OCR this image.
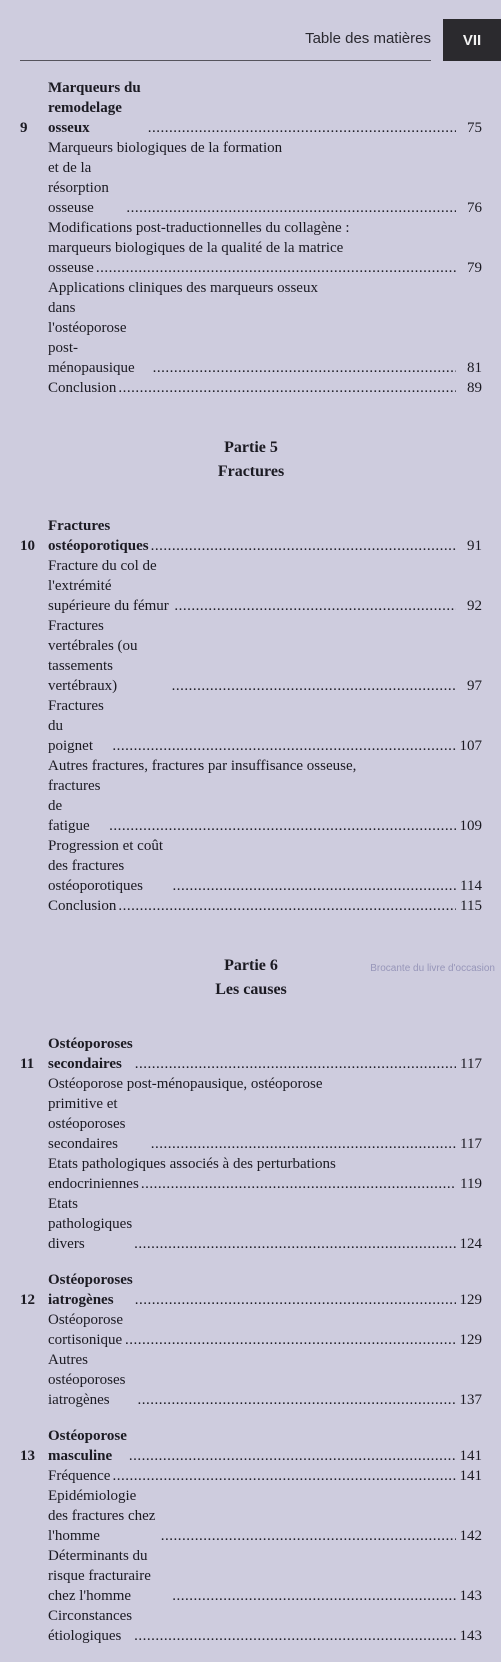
Table des matières	VII
9
Marqueurs du remodelage osseux .....	75
Marqueurs biologiques de la formation
et de la résorption osseuse .....	76
Modifications post-traductionnelles du collagène :
marqueurs biologiques de la qualité de la matrice
osseuse .....	79
Applications cliniques des marqueurs osseux
dans l'ostéoporose post-ménopausique .....	81
Conclusion .....	89
Partie 5
Fractures
10
Fractures ostéoporotiques .....	91
Fracture du col de l'extrémité supérieure du fémur .....	92
Fractures vertébrales (ou tassements vertébraux) .....	97
Fractures du poignet .....	107
Autres fractures, fractures par insuffisance osseuse,
fractures de fatigue .....	109
Progression et coût des fractures ostéoporotiques .....	114
Conclusion .....	115
Partie 6
Les causes
11
Ostéoporoses secondaires .....	117
Ostéoporose post-ménopausique, ostéoporose
primitive et ostéoporoses secondaires .....	117
Etats pathologiques associés à des perturbations
endocriniennes .....	119
Etats pathologiques divers .....	124
12
Ostéoporoses iatrogènes .....	129
Ostéoporose cortisonique .....	129
Autres ostéoporoses iatrogènes .....	137
13
Ostéoporose masculine .....	141
Fréquence .....	141
Epidémiologie des fractures chez l'homme .....	142
Déterminants du risque fracturaire chez l'homme .....	143
Circonstances étiologiques .....	143
Brocante du livre d'occasion
